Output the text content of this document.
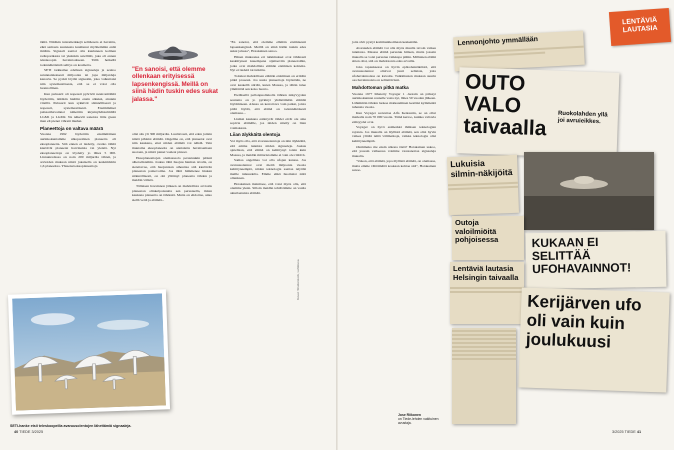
tämä. Niitäkin tuntomerkkejä selitäeseta ei havaittu, eikä samasta suunnasta kuultunut myöhemmin enää mitään. Signaali saattoi olla kuuluneen kolmen radioparikasta tai yksinkin satelliitti, joka oli ennen teleskoopin havaintoalueen. Tällä hetkellä todennäköisintä selitys on kosmetta.

SETI tarkkailee edelleen signaaleja ja seuloo satunnaiskaisesti miljoonia tai jopa miljardeja kanavia. Se pyrkii löytää signaalin, joka valkuttaisi niin systemaattisesta, että se ei voisi olla luonnollinen.

Kun pulssarit oli nopeasti pyörivät neutronitähtiä löydettiin, niitäkin luultiin ensin alkuksi, ainakin vitsillä. Pulssarit kun sykkivät säännöllisesti ja nopeasti, systemaattisesti. Ensimmäiset pulssarihavainnot nimettiin kirjainyhdistelmällä LGM1 ja LGM2. Ne näkevät sanoista little green men eli pienet vihreät miehet.

Planeettoja on valtava määrä

Vuonna 1992 löydettiin ensimmäinen aurinkokuntamme ulkopuolinen planeetta eli eksoplaneetta. Sitä ennen ei tiedetty, ovatko tähtiä kiertävät planeetat harvinaisia vai yleisiä. Nyt eksoplaneettoja on löydetty jo lähes 5 000. Linnunradassa on noin 200 miljardia tähteä, ja arvioiden mukaan niistä jokaisella on keskimäärin 1,6 planeettaa. Yhteensä eksoplaneettoja

"En sanoisi, että olemme ollenkaan erityisessä lapsenkengissä. Meillä on siinä hädin tuskin edes sukat jalassa."

olisi siis yli 300 miljardia. Luultavasti, että eden joilain niistä pihlaisi elämää. Ongelma on, että planeetat ovat niin kaukana, ettei niiden elämää voi nähdä. Vain muutama eksoplaneetta on onnistuttu havaitsemaan suoraan, ja niistä pienet vaaleat pisteet.

Eksoplaneettojen olemassaolo perustuukin päässä alhetodisteihin. Joskus tähti huojuu hieman tavalla, on sietettavaa, että huojuntaan aiheuttaa sitä kiertävän planeetan painovoima. Jos tähti himmenee hiukan säännöllisesti, on ohi ylittänyt planeetta tähden ja meidän välistä.

Tällaisen havainnon jälkeen on mahdollista arvioida planeetan olinkelpoisuutta sen perusteella, miten kaukana planeetta on tähdestä. Mutta on ehdottaa, onko siellä vettä ja elämää...

SETI-hanke etsii teleskoopeilla avaruusolentojen lähettämiä signaaleja.

"En sanoisi, että olemme elämän etsimisessä lapsenkengissä. Meillä on siinä hädin tuskin edes sukat jalassa", Hotakainen sanoo.

Hänen mukaansa eri tutkimukset ovat tähänasti keskittyneet kauempana sijaitseviin planeetoihin, jotka ovat mahdollisia elämän etsimisen kohteita. Nyt ei tiedetä tai tutkittu.

Tottakai mahdollisen elämän etsiminen on erittäin pitkä prosessi. Jos uusia planeettoja löydetään, ne ovat keskellä siirtää, kuten Maassa, ja tähän tulee ymmärtää sen koko luonto.

Eteläisellä pallonpuoliskolla tähtien näkyvyyden seuranta on jo pyrkinyt yhdistämään elämää löytämiseen. Alussa on kerrottava vain paikat, joista pitää löytää, että elämä on todennäköisesti olemassa...

Lisäksi kaukana esiintyvät tähdet eivät ole aina sopivia elämälle, jos niiden säteily on liian voimakasta.

Liian älykkäitä olentoja

Voi myös olla, että avaruusolentoja on niin älykkäitä, että emme tunnista niiden signaaleja. Joskus ajatellaan, että elämä on kehittynyt toisin kuin Maassa, ja meidän mittaristomme ei vain ole riittävä.

Samaa ongelmaa voi olla ufojen kanssa. Jos avaruusolennot ovat meitä miljoonia vuosia kehittyneempiä, niiden teknologia saattaa näyttää meille taikuudelta. Emme ehkä huomaisi niitä ollenkaan.

Hotakainen mainitsee, että voisi myös olla, että olemme yksin. Silloin meidän tehtävämme on vaalia ainutlaatuista elämää.

Kuvat: Shutterstock, Lehtikuva

joita sivit pystyi kommunikoimaan keskenään.

Avaruuden elämää voi olla myös muulla tavoin vaikea tunnistaa. Maassa elämä perustuu hiileen, mutta jossain muualla se voisi perustua vaikkapa piihin. Millainen elämä sitten olisi, sitä on mahdotonta edes arvailla.

Joka tapauksessa on hyvin epätodennäköistä, että avaruusolennot olisivat juuri sellaisia, joita ufohavainnoissa on kuvattu. Tutkimusten mukaan suurin osa havainnoista on selitettävissä.

Mahdottoman pitkä matka

Vuonna 1977 lähetetty Voyager 1 -luotain on päässyt aurinkokunnan reunalle vasta nyt, lähes 50 vuoden jälkeen. Lähimmän tähden luokse matkaaminen kestäisi kymmeniä tuhansia vuosia.

Kun Voyager saavuttaa Alfa Kentaurin, se on ollut matkalla noin 70 000 vuotta. Tämä kertoo, kuinka valtavia etäisyydet ovat.

Voyager on hyvä esimerkki ihmisen teknologian rajoista. Jos muualla on älyllistä elämää, sen olisi hyvin vaikea ylittää näitä välimatkoja, vaikka teknologia olisi kehittyneempää.

Olemmeko me ensin ulkona tästä? Hotakainen uskoo, että jossain vaiheessa voimme vastaanottaa signaaleja muualta.

"Uskon, että elämää, jopa älyllistä elämää, on olemassa, mutta emme välttämättä koskaan kohtaa sitä", Hotakainen sanoo.

Jose Riikonen
on Tiede-lehden vakituinen avustaja.
Lennonjohto ymmällään
OUTO VALO taivaalla	Ruokolahden yllä joi avruieikkes.
Lukuisia silmin-näkijöitä
Outoja valoilmiöitä pohjoisessa	KUKAAN EI SELITTÄÄ UFOHAVAINNOT!
Lentäviä lautasia Helsingin taivaalla
Kerijärven ufo oli vain kuin joulukuusi
LENTÄVIÄ
LAUTASIA
40 TIEDE 3/2025	3/2025 TIEDE 41
